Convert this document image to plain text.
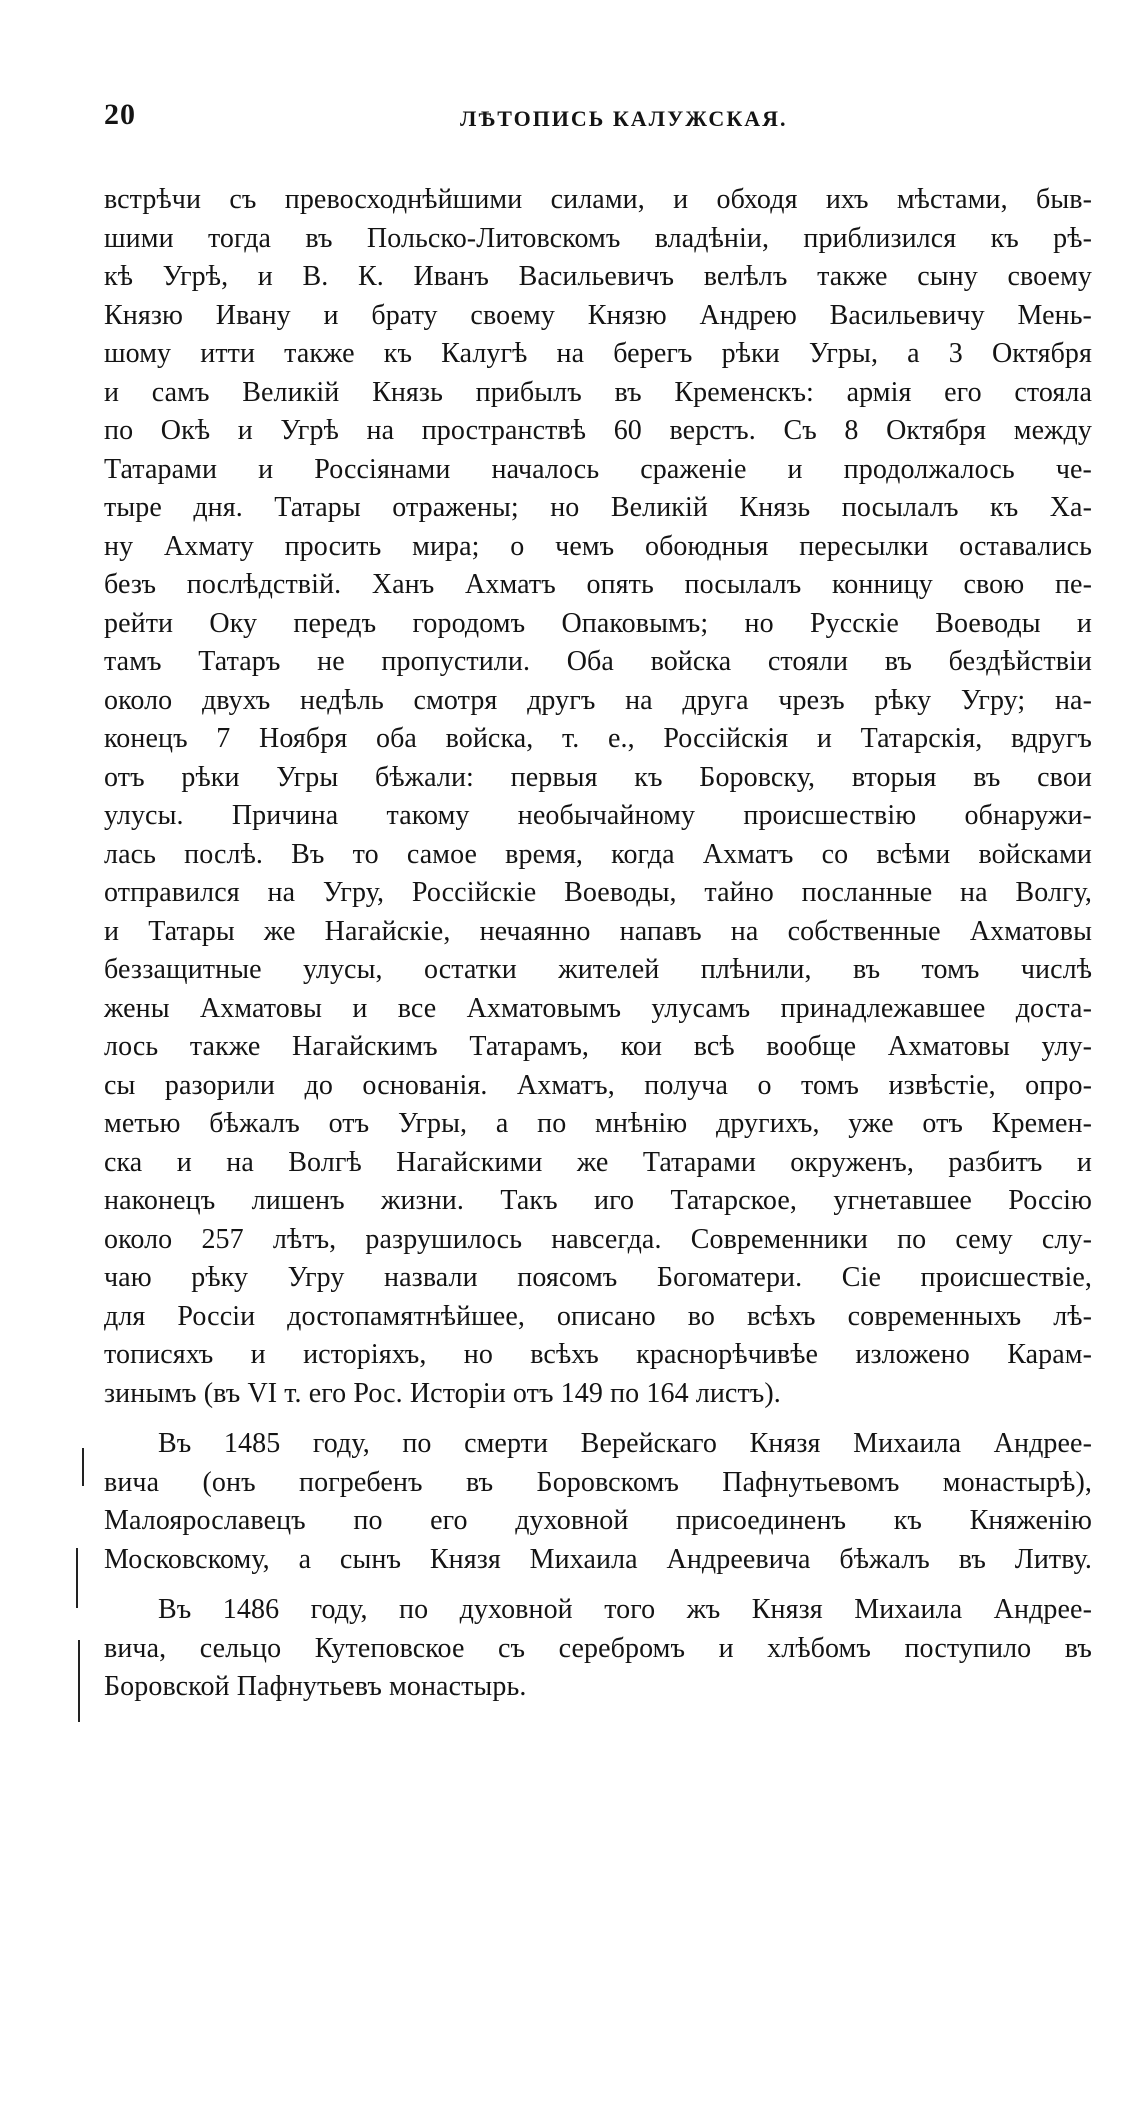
20	ЛѢТОПИСЬ КАЛУЖСКАЯ.
встрѣчи съ превосходнѣйшими силами, и обходя ихъ мѣстами, быв-
шими тогда въ Польско-Литовскомъ владѣніи, приблизился къ рѣ-
кѣ Угрѣ, и В. К. Иванъ Васильевичъ велѣлъ также сыну своему
Князю Ивану и брату своему Князю Андрею Васильевичу Мень-
шому итти также къ Калугѣ на берегъ рѣки Угры, а 3 Октября
и самъ Великій Князь прибылъ въ Кременскъ: армія его стояла
по Окѣ и Угрѣ на пространствѣ 60 верстъ. Съ 8 Октября между
Татарами и Россіянами началось сраженіе и продолжалось че-
тыре дня. Татары отражены; но Великій Князь посылалъ къ Ха-
ну Ахмату просить мира; о чемъ обоюдныя пересылки оставались
безъ послѣдствій. Ханъ Ахматъ опять посылалъ конницу свою пе-
рейти Оку передъ городомъ Опаковымъ; но Русскіе Воеводы и
тамъ Татаръ не пропустили. Оба войска стояли въ бездѣйствіи
около двухъ недѣль смотря другъ на друга чрезъ рѣку Угру; на-
конецъ 7 Ноября оба войска, т. е., Россійскія и Татарскія, вдругъ
отъ рѣки Угры бѣжали: первыя къ Боровску, вторыя въ свои
улусы. Причина такому необычайному происшествію обнаружи-
лась послѣ. Въ то самое время, когда Ахматъ со всѣми войсками
отправился на Угру, Россійскіе Воеводы, тайно посланные на Волгу,
и Татары же Нагайскіе, нечаянно напавъ на собственные Ахматовы
беззащитные улусы, остатки жителей плѣнили, въ томъ числѣ
жены Ахматовы и все Ахматовымъ улусамъ принадлежавшее доста-
лось также Нагайскимъ Татарамъ, кои всѣ вообще Ахматовы улу-
сы разорили до основанія. Ахматъ, получа о томъ извѣстіе, опро-
метью бѣжалъ отъ Угры, а по мнѣнію другихъ, уже отъ Кремен-
ска и на Волгѣ Нагайскими же Татарами окруженъ, разбитъ и
наконецъ лишенъ жизни. Такъ иго Татарское, угнетавшее Россію
около 257 лѣтъ, разрушилось навсегда. Современники по сему слу-
чаю рѣку Угру назвали поясомъ Богоматери. Сіе происшествіе,
для Россіи достопамятнѣйшее, описано во всѣхъ современныхъ лѣ-
тописяхъ и исторіяхъ, но всѣхъ краснорѣчивѣе изложено Карам-
зинымъ (въ VI т. его Рос. Исторіи отъ 149 по 164 листъ).
Въ 1485 году, по смерти Верейскаго Князя Михаила Андрее-
вича (онъ погребенъ въ Боровскомъ Пафнутьевомъ монастырѣ),
Малоярославецъ по его духовной присоединенъ къ Княженію
Московскому, а сынъ Князя Михаила Андреевича бѣжалъ въ Литву.
Въ 1486 году, по духовной того жъ Князя Михаила Андрее-
вича, сельцо Кутеповское съ серебромъ и хлѣбомъ поступило въ
Боровской Пафнутьевъ монастырь.
